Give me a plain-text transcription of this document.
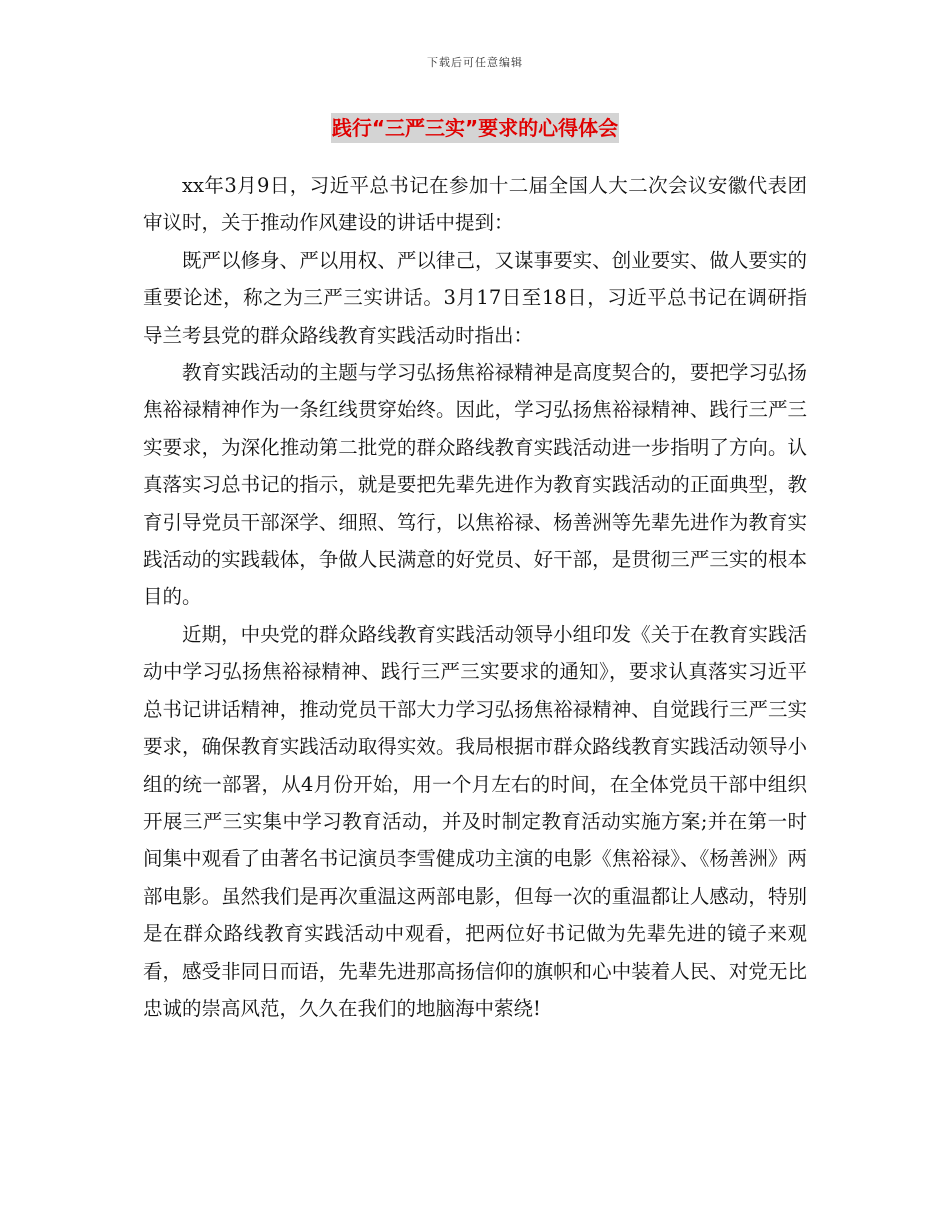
下载后可任意编辑
践行“三严三实”要求的心得体会

xx年3月9日，习近平总书记在参加十二届全国人大二次会议安徽代表团审议时，关于推动作风建设的讲话中提到：

既严以修身、严以用权、严以律己，又谋事要实、创业要实、做人要实的重要论述，称之为三严三实讲话。3月17日至18日，习近平总书记在调研指导兰考县党的群众路线教育实践活动时指出：

教育实践活动的主题与学习弘扬焦裕禄精神是高度契合的，要把学习弘扬焦裕禄精神作为一条红线贯穿始终。因此，学习弘扬焦裕禄精神、践行三严三实要求，为深化推动第二批党的群众路线教育实践活动进一步指明了方向。认真落实习总书记的指示，就是要把先辈先进作为教育实践活动的正面典型，教育引导党员干部深学、细照、笃行，以焦裕禄、杨善洲等先辈先进作为教育实践活动的实践载体，争做人民满意的好党员、好干部，是贯彻三严三实的根本目的。

近期，中央党的群众路线教育实践活动领导小组印发《关于在教育实践活动中学习弘扬焦裕禄精神、践行三严三实要求的通知》，要求认真落实习近平总书记讲话精神，推动党员干部大力学习弘扬焦裕禄精神、自觉践行三严三实要求，确保教育实践活动取得实效。我局根据市群众路线教育实践活动领导小组的统一部署，从4月份开始，用一个月左右的时间，在全体党员干部中组织开展三严三实集中学习教育活动，并及时制定教育活动实施方案;并在第一时间集中观看了由著名书记演员李雪健成功主演的电影《焦裕禄》、《杨善洲》两部电影。虽然我们是再次重温这两部电影，但每一次的重温都让人感动，特别是在群众路线教育实践活动中观看，把两位好书记做为先辈先进的镜子来观看，感受非同日而语，先辈先进那高扬信仰的旗帜和心中装着人民、对党无比忠诚的崇高风范，久久在我们的地脑海中萦绕!
